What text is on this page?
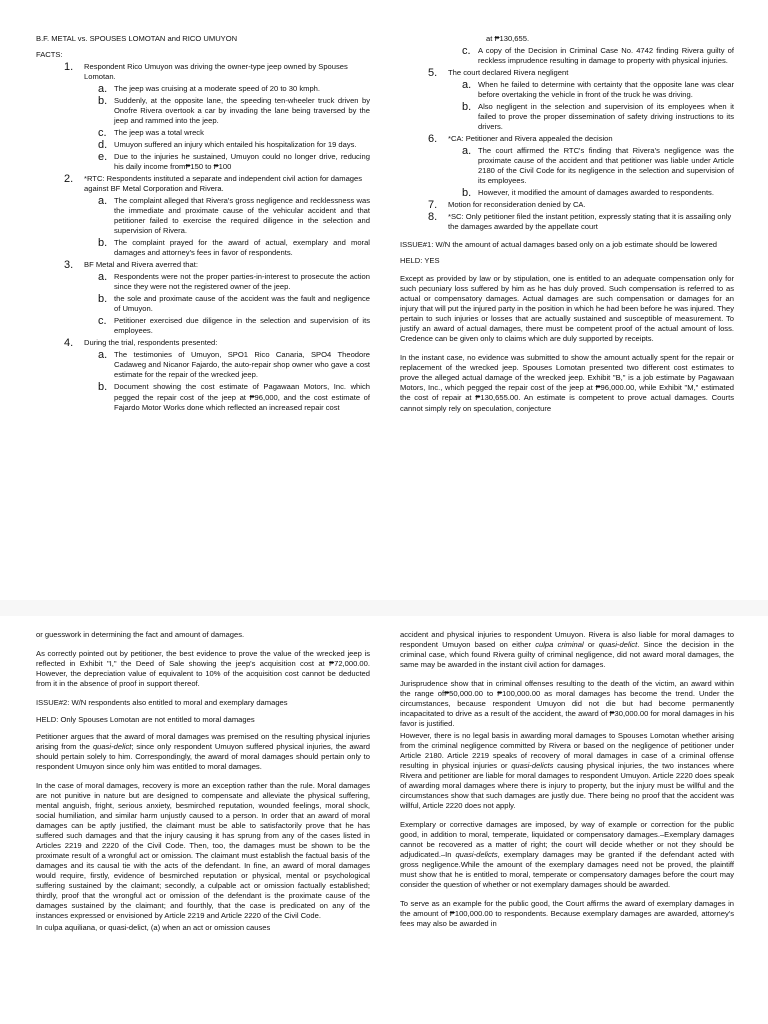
B.F. METAL vs. SPOUSES LOMOTAN and RICO UMUYON

FACTS:

1. Respondent Rico Umuyon was driving the owner-type jeep owned by Spouses Lomotan.
a. The jeep was cruising at a moderate speed of 20 to 30 kmph.
b. Suddenly, at the opposite lane, the speeding ten-wheeler truck driven by Onofre Rivera overtook a car by invading the lane being traversed by the jeep and rammed into the jeep.
c. The jeep was a total wreck
d. Umuyon suffered an injury which entailed his hospitalization for 19 days.
e. Due to the injuries he sustained, Umuyon could no longer drive, reducing his daily income from₱150 to ₱100
2. *RTC: Respondents instituted a separate and independent civil action for damages against BF Metal Corporation and Rivera.
a. The complaint alleged that Rivera's gross negligence and recklessness was the immediate and proximate cause of the vehicular accident and that petitioner failed to exercise the required diligence in the selection and supervision of Rivera.
b. The complaint prayed for the award of actual, exemplary and moral damages and attorney's fees in favor of respondents.
3. BF Metal and Rivera averred that:
a. Respondents were not the proper parties-in-interest to prosecute the action since they were not the registered owner of the jeep.
b. the sole and proximate cause of the accident was the fault and negligence of Umuyon.
c. Petitioner exercised due diligence in the selection and supervision of its employees.
4. During the trial, respondents presented:
a. The testimonies of Umuyon, SPO1 Rico Canaria, SPO4 Theodore Cadaweg and Nicanor Fajardo, the auto-repair shop owner who gave a cost estimate for the repair of the wrecked jeep.
b. Document showing the cost estimate of Pagawaan Motors, Inc. which pegged the repair cost of the jeep at ₱96,000, and the cost estimate of Fajardo Motor Works done which reflected an increased repair cost

at ₱130,655.

c. A copy of the Decision in Criminal Case No. 4742 finding Rivera guilty of reckless imprudence resulting in damage to property with physical injuries.
5. The court declared Rivera negligent
a. When he failed to determine with certainty that the opposite lane was clear before overtaking the vehicle in front of the truck he was driving.
b. Also negligent in the selection and supervision of its employees when it failed to prove the proper dissemination of safety driving instructions to its drivers.
6. *CA: Petitioner and Rivera appealed the decision
a. The court affirmed the RTC's finding that Rivera's negligence was the proximate cause of the accident and that petitioner was liable under Article 2180 of the Civil Code for its negligence in the selection and supervision of its employees.
b. However, it modified the amount of damages awarded to respondents.
7. Motion for reconsideration denied by CA.
8. *SC: Only petitioner filed the instant petition, expressly stating that it is assailing only the damages awarded by the appellate court

ISSUE#1: W/N the amount of actual damages based only on a job estimate should be lowered

HELD: YES

Except as provided by law or by stipulation, one is entitled to an adequate compensation only for such pecuniary loss suffered by him as he has duly proved. Such compensation is referred to as actual or compensatory damages. Actual damages are such compensation or damages for an injury that will put the injured party in the position in which he had been before he was injured. They pertain to such injuries or losses that are actually sustained and susceptible of measurement. To justify an award of actual damages, there must be competent proof of the actual amount of loss. Credence can be given only to claims which are duly supported by receipts.

In the instant case, no evidence was submitted to show the amount actually spent for the repair or replacement of the wrecked jeep. Spouses Lomotan presented two different cost estimates to prove the alleged actual damage of the wrecked jeep. Exhibit "B," is a job estimate by Pagawaan Motors, Inc., which pegged the repair cost of the jeep at ₱96,000.00, while Exhibit "M," estimated the cost of repair at ₱130,655.00. An estimate is competent to prove actual damages. Courts cannot simply rely on speculation, conjecture

or guesswork in determining the fact and amount of damages.

As correctly pointed out by petitioner, the best evidence to prove the value of the wrecked jeep is reflected in Exhibit "I," the Deed of Sale showing the jeep's acquisition cost at ₱72,000.00. However, the depreciation value of equivalent to 10% of the acquisition cost cannot be deducted from it in the absence of proof in support thereof.

ISSUE#2: W/N respondents also entitled to moral and exemplary damages

HELD: Only Spouses Lomotan are not entitled to moral damages

Petitioner argues that the award of moral damages was premised on the resulting physical injuries arising from the quasi-delict; since only respondent Umuyon suffered physical injuries, the award should pertain solely to him. Correspondingly, the award of moral damages should pertain only to respondent Umuyon since only him was entitled to moral damages.

In the case of moral damages, recovery is more an exception rather than the rule. Moral damages are not punitive in nature but are designed to compensate and alleviate the physical suffering, mental anguish, fright, serious anxiety, besmirched reputation, wounded feelings, moral shock, social humiliation, and similar harm unjustly caused to a person. In order that an award of moral damages can be aptly justified, the claimant must be able to satisfactorily prove that he has suffered such damages and that the injury causing it has sprung from any of the cases listed in Articles 2219 and 2220 of the Civil Code. Then, too, the damages must be shown to be the proximate result of a wrongful act or omission. The claimant must establish the factual basis of the damages and its causal tie with the acts of the defendant. In fine, an award of moral damages would require, firstly, evidence of besmirched reputation or physical, mental or psychological suffering sustained by the claimant; secondly, a culpable act or omission factually established; thirdly, proof that the wrongful act or omission of the defendant is the proximate cause of the damages sustained by the claimant; and fourthly, that the case is predicated on any of the instances expressed or envisioned by Article 2219 and Article 2220 of the Civil Code.

In culpa aquiliana, or quasi-delict, (a) when an act or omission causes

accident and physical injuries to respondent Umuyon. Rivera is also liable for moral damages to respondent Umuyon based on either culpa criminal or quasi-delict. Since the decision in the criminal case, which found Rivera guilty of criminal negligence, did not award moral damages, the same may be awarded in the instant civil action for damages.

Jurisprudence show that in criminal offenses resulting to the death of the victim, an award within the range of₱50,000.00 to ₱100,000.00 as moral damages has become the trend. Under the circumstances, because respondent Umuyon did not die but had become permanently incapacitated to drive as a result of the accident, the award of ₱30,000.00 for moral damages in his favor is justified.

However, there is no legal basis in awarding moral damages to Spouses Lomotan whether arising from the criminal negligence committed by Rivera or based on the negligence of petitioner under Article 2180. Article 2219 speaks of recovery of moral damages in case of a criminal offense resulting in physical injuries or quasi-delicts causing physical injuries, the two instances where Rivera and petitioner are liable for moral damages to respondent Umuyon. Article 2220 does speak of awarding moral damages where there is injury to property, but the injury must be willful and the circumstances show that such damages are justly due. There being no proof that the accident was willful, Article 2220 does not apply.

Exemplary or corrective damages are imposed, by way of example or correction for the public good, in addition to moral, temperate, liquidated or compensatory damages.–Exemplary damages cannot be recovered as a matter of right; the court will decide whether or not they should be adjudicated.–In quasi-delicts, exemplary damages may be granted if the defendant acted with gross negligence.While the amount of the exemplary damages need not be proved, the plaintiff must show that he is entitled to moral, temperate or compensatory damages before the court may consider the question of whether or not exemplary damages should be awarded.

To serve as an example for the public good, the Court affirms the award of exemplary damages in the amount of ₱100,000.00 to respondents. Because exemplary damages are awarded, attorney's fees may also be awarded in
